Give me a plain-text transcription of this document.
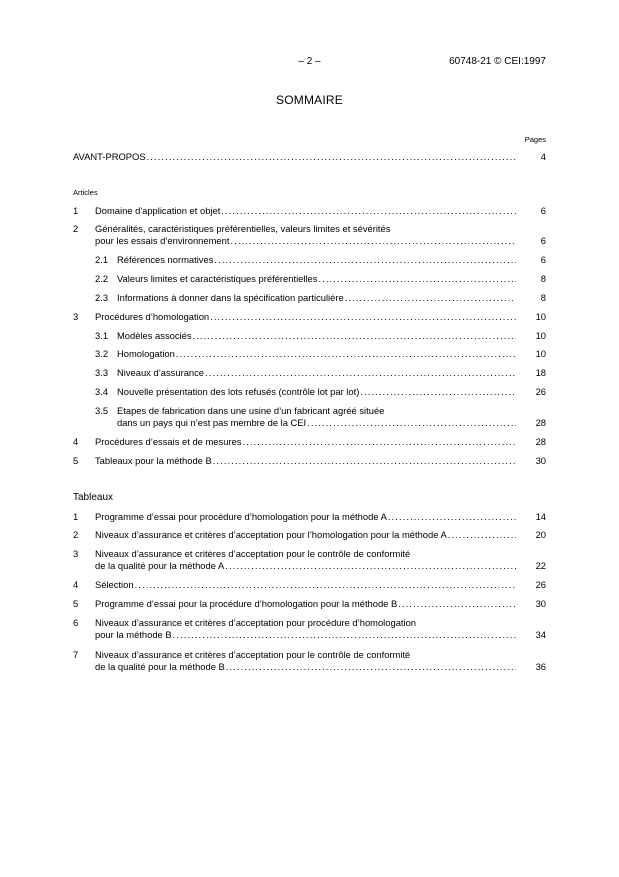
– 2 –	60748-21 © CEI:1997
SOMMAIRE
Pages
AVANT-PROPOS .....	4
Articles
1 Domaine d'application et objet .....	6
2 Généralités, caractéristiques préférentielles, valeurs limites et sévérités
pour les essais d’environnement .....	6
2.1 Références normatives .....	6
2.2 Valeurs limites et caractéristiques préférentielles .....	8
2.3 Informations à donner dans la spécification particulière .....	8
3 Procédures d’homologation .....	10
3.1 Modèles associés .....	10
3.2 Homologation .....	10
3.3 Niveaux d’assurance .....	18
3.4 Nouvelle présentation des lots refusés (contrôle lot par lot) .....	26
3.5 Etapes de fabrication dans une usine d’un fabricant agréé située
dans un pays qui n’est pas membre de la CEI .....	28
4 Procédures d’essais et de mesures .....	28
5 Tableaux pour la méthode B .....	30
Tableaux
1 Programme d’essai pour procédure d’homologation pour la méthode A .....	14
2 Niveaux d’assurance et critères d’acceptation pour l’homologation pour la méthode A .....	20
3 Niveaux d’assurance et critères d’acceptation pour le contrôle de conformité
de la qualité pour la méthode A .....	22
4 Sélection .....	26
5 Programme d’essai pour la procédure d’homologation pour la méthode B .....	30
6 Niveaux d’assurance et critères d’acceptation pour procédure d’homologation
pour la méthode B .....	34
7 Niveaux d’assurance et critères d’acceptation pour le contrôle de conformité
de la qualité pour la méthode B .....	36
